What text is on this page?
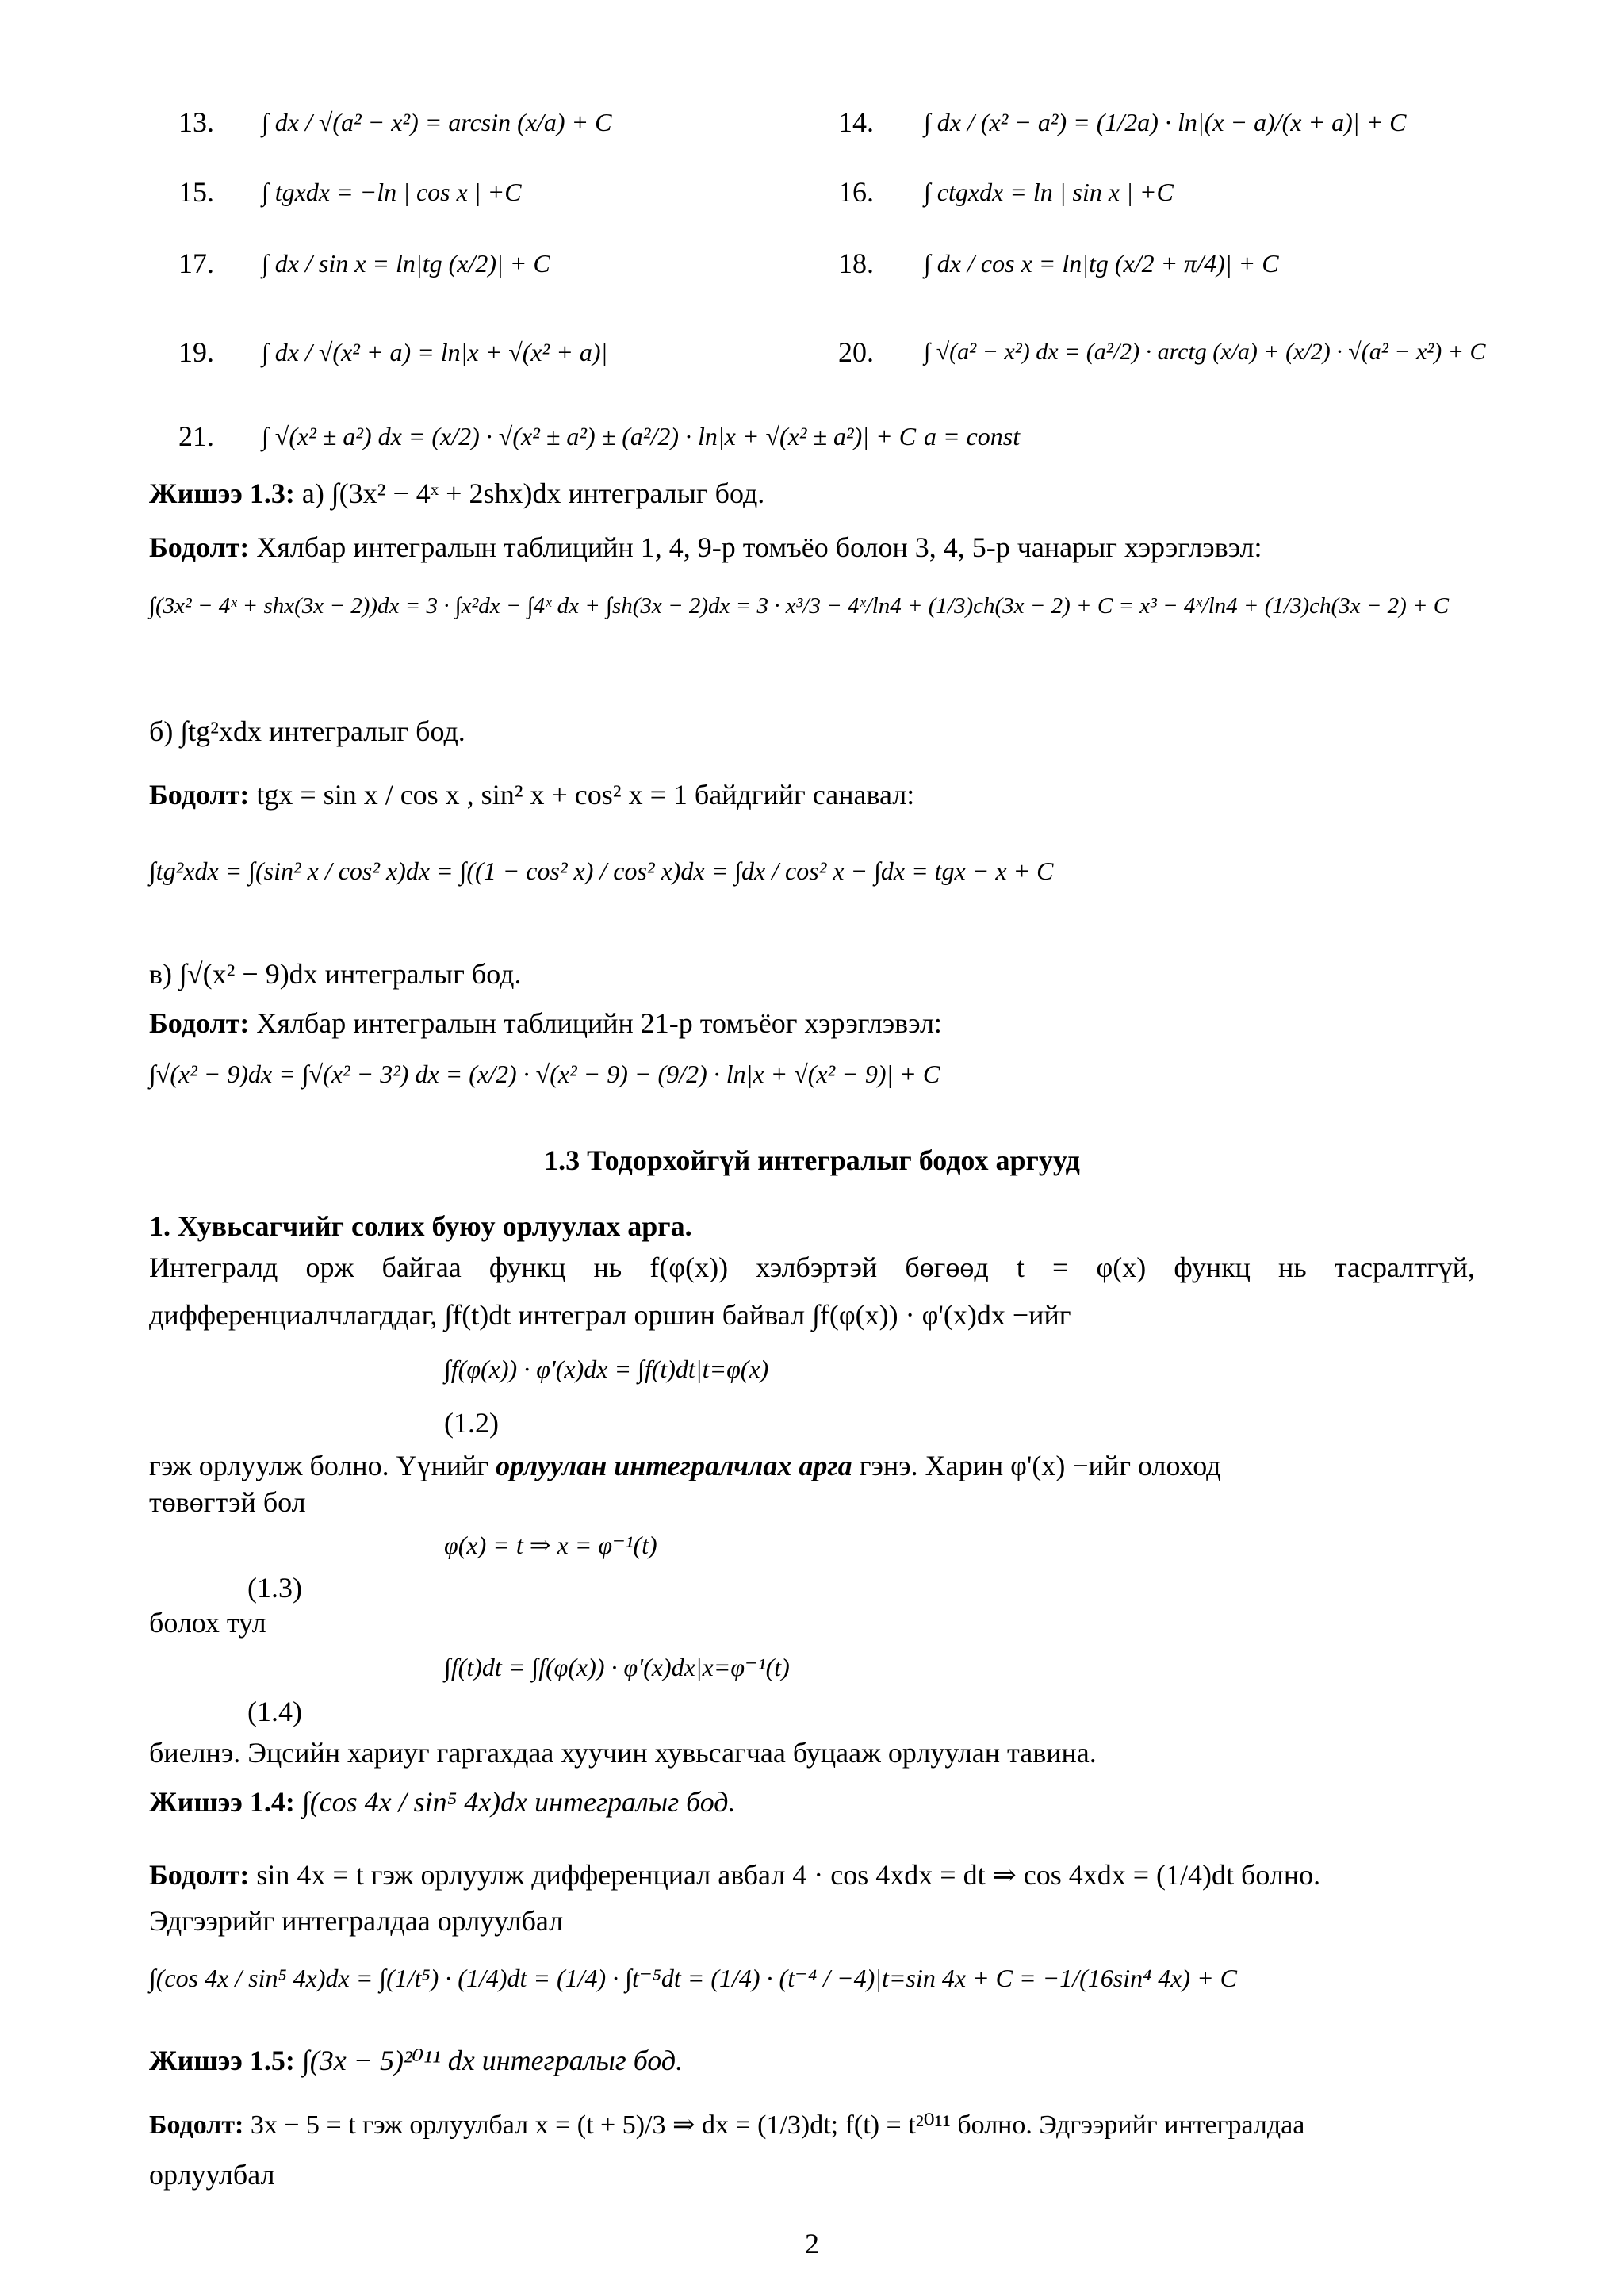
13. ∫ dx / √(a² − x²) = arcsin (x/a) + C	14. ∫ dx / (x² − a²) = (1/2a) · ln|(x − a)/(x + a)| + C
15. ∫ tgxdx = −ln | cos x | +C	16. ∫ ctgxdx = ln | sin x | +C
17. ∫ dx / sin x = ln|tg (x/2)| + C	18. ∫ dx / cos x = ln|tg (x/2 + π/4)| + C
19. ∫ dx / √(x² + a) = ln|x + √(x² + a)|	20. ∫ √(a² − x²) dx = (a²/2) · arctg (x/a) + (x/2) · √(a² − x²) + C
21. ∫ √(x² ± a²) dx = (x/2) · √(x² ± a²) ± (a²/2) · ln|x + √(x² ± a²)| + C a = const
Жишээ 1.3: а) ∫(3x² − 4ˣ + 2shx)dx интегралыг бод.
Бодолт: Хялбар интегралын таблицийн 1, 4, 9-р томъёо болон 3, 4, 5-р чанарыг хэрэглэвэл:
∫(3x² − 4ˣ + shx(3x − 2))dx = 3 · ∫x²dx − ∫4ˣ dx + ∫sh(3x − 2)dx = 3 · x³/3 − 4ˣ/ln4 + (1/3)ch(3x − 2) + C = x³ − 4ˣ/ln4 + (1/3)ch(3x − 2) + C
б) ∫tg²xdx интегралыг бод.
Бодолт: tgx = sin x / cos x , sin² x + cos² x = 1 байдгийг санавал:
∫tg²xdx = ∫(sin² x / cos² x)dx = ∫((1 − cos² x) / cos² x)dx = ∫dx / cos² x − ∫dx = tgx − x + C
в) ∫√(x² − 9)dx интегралыг бод.
Бодолт: Хялбар интегралын таблицийн 21-р томъёог хэрэглэвэл:
∫√(x² − 9)dx = ∫√(x² − 3²) dx = (x/2) · √(x² − 9) − (9/2) · ln|x + √(x² − 9)| + C
1.3 Тодорхойгүй интегралыг бодох аргууд
1. Хувьсагчийг солих буюу орлуулах арга.
Интегралд орж байгаа функц нь f(φ(x)) хэлбэртэй бөгөөд t = φ(x) функц нь тасралтгүй,
дифференциалчлагддаг, ∫f(t)dt интеграл оршин байвал ∫f(φ(x)) · φ'(x)dx −ийг
∫f(φ(x)) · φ'(x)dx = ∫f(t)dt|t=φ(x)
(1.2)
гэж орлуулж болно. Үүнийг орлуулан интегралчлах арга гэнэ. Харин φ'(x) −ийг олоход
төвөгтэй бол
φ(x) = t ⇒ x = φ⁻¹(t)
(1.3)
болох тул
∫f(t)dt = ∫f(φ(x)) · φ'(x)dx|x=φ⁻¹(t)
(1.4)
биелнэ. Эцсийн хариуг гаргахдаа хуучин хувьсагчаа буцааж орлуулан тавина.
Жишээ 1.4: ∫(cos 4x / sin⁵ 4x)dx интегралыг бод.
Бодолт: sin 4x = t гэж орлуулж дифференциал авбал 4 · cos 4xdx = dt ⇒ cos 4xdx = (1/4)dt болно.
Эдгээрийг интегралдаа орлуулбал
∫(cos 4x / sin⁵ 4x)dx = ∫(1/t⁵) · (1/4)dt = (1/4) · ∫t⁻⁵dt = (1/4) · (t⁻⁴ / −4)|t=sin 4x + C = −1/(16sin⁴ 4x) + C
Жишээ 1.5: ∫(3x − 5)²⁰¹¹ dx интегралыг бод.
Бодолт: 3x − 5 = t гэж орлуулбал x = (t + 5)/3 ⇒ dx = (1/3)dt; f(t) = t²⁰¹¹ болно. Эдгээрийг интегралдаа
орлуулбал
2
